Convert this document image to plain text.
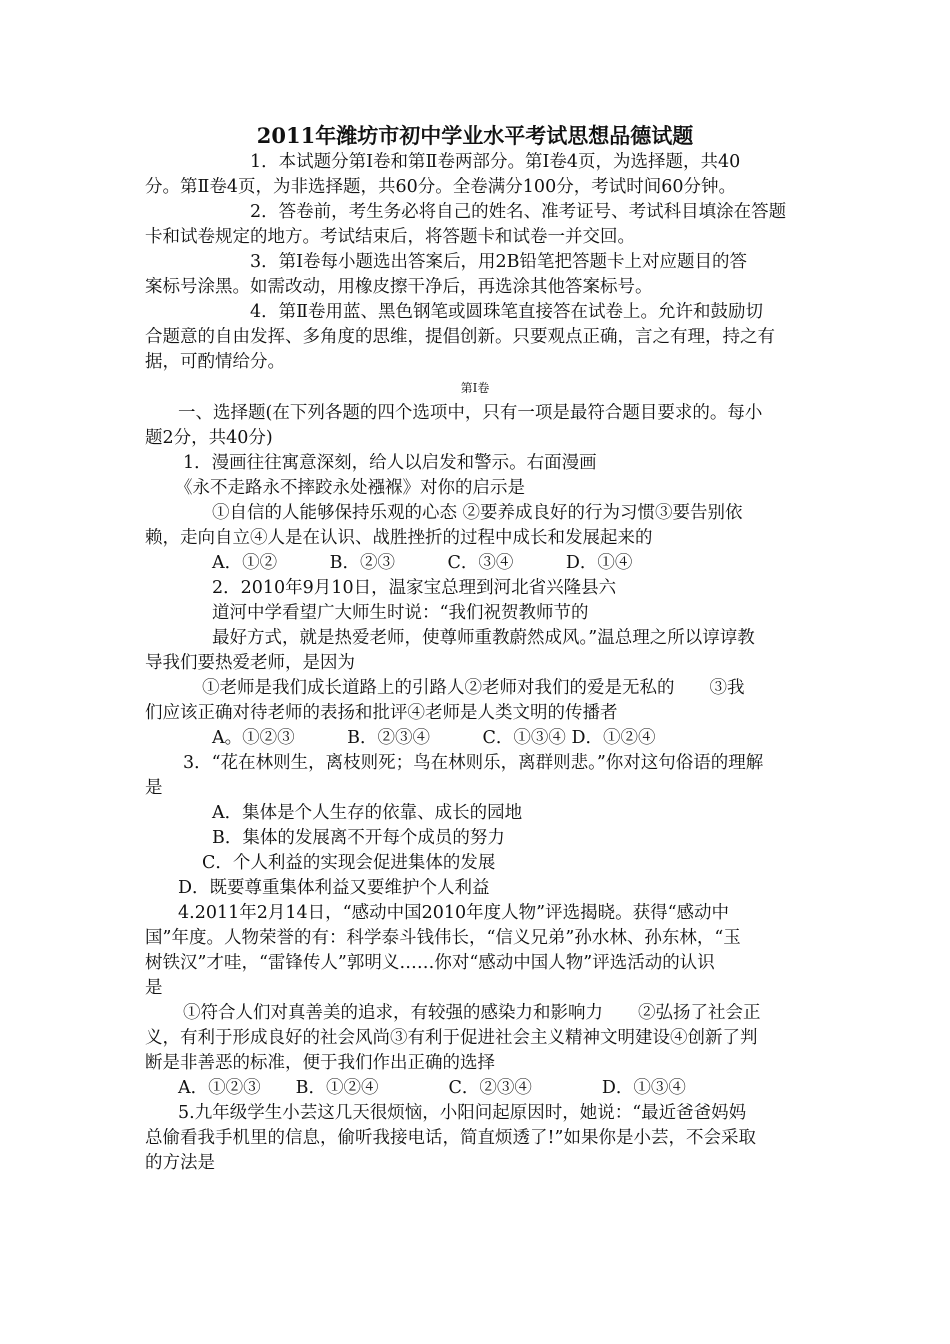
2011年潍坊市初中学业水平考试思想品德试题
1．本试题分第Ⅰ卷和第Ⅱ卷两部分。第Ⅰ卷4页，为选择题，共40
分。第Ⅱ卷4页，为非选择题，共60分。全卷满分100分，考试时间60分钟。
2．答卷前，考生务必将自己的姓名、准考证号、考试科目填涂在答题
卡和试卷规定的地方。考试结束后，将答题卡和试卷一并交回。
3．第Ⅰ卷每小题选出答案后，用2B铅笔把答题卡上对应题目的答
案标号涂黑。如需改动，用橡皮擦干净后，再选涂其他答案标号。
4．第Ⅱ卷用蓝、黑色钢笔或圆珠笔直接答在试卷上。允许和鼓励切
合题意的自由发挥、多角度的思维，提倡创新。只要观点正确，言之有理，持之有
据，可酌情给分。
第Ⅰ卷
一、选择题(在下列各题的四个选项中，只有一项是最符合题目要求的。每小
题2分，共40分)
1．漫画往往寓意深刻，给人以启发和警示。右面漫画
《永不走路永不摔跤永处襁褓》对你的启示是
①自信的人能够保持乐观的心态 ②要养成良好的行为习惯③要告别依
赖，走向自立④人是在认识、战胜挫折的过程中成长和发展起来的
A．①②　　　B．②③　　　C．③④　　　D．①④
2．2010年9月10日，温家宝总理到河北省兴隆县六
道河中学看望广大师生时说：“我们祝贺教师节的
最好方式，就是热爱老师，使尊师重教蔚然成风。”温总理之所以谆谆教
导我们要热爱老师，是因为
①老师是我们成长道路上的引路人②老师对我们的爱是无私的　　③我
们应该正确对待老师的表扬和批评④老师是人类文明的传播者
A。①②③　　　B．②③④　　　C．①③④ D．①②④
3．“花在林则生，离枝则死；鸟在林则乐，离群则悲。”你对这句俗语的理解
是
A．集体是个人生存的依靠、成长的园地
B．集体的发展离不开每个成员的努力
C．个人利益的实现会促进集体的发展
D．既要尊重集体利益又要维护个人利益
4.2011年2月14日，“感动中国2010年度人物”评选揭晓。获得“感动中
国”年度。人物荣誉的有：科学泰斗钱伟长，“信义兄弟”孙水林、孙东林，“玉
树铁汉”才哇，“雷锋传人”郭明义……你对“感动中国人物”评选活动的认识
是
①符合人们对真善美的追求，有较强的感染力和影响力　　②弘扬了社会正
义，有利于形成良好的社会风尚③有利于促进社会主义精神文明建设④创新了判
断是非善恶的标准，便于我们作出正确的选择
A．①②③　　B．①②④　　　　C．②③④　　　　D．①③④
5.九年级学生小芸这几天很烦恼，小阳问起原因时，她说：“最近爸爸妈妈
总偷看我手机里的信息，偷听我接电话，简直烦透了!”如果你是小芸，不会采取
的方法是
